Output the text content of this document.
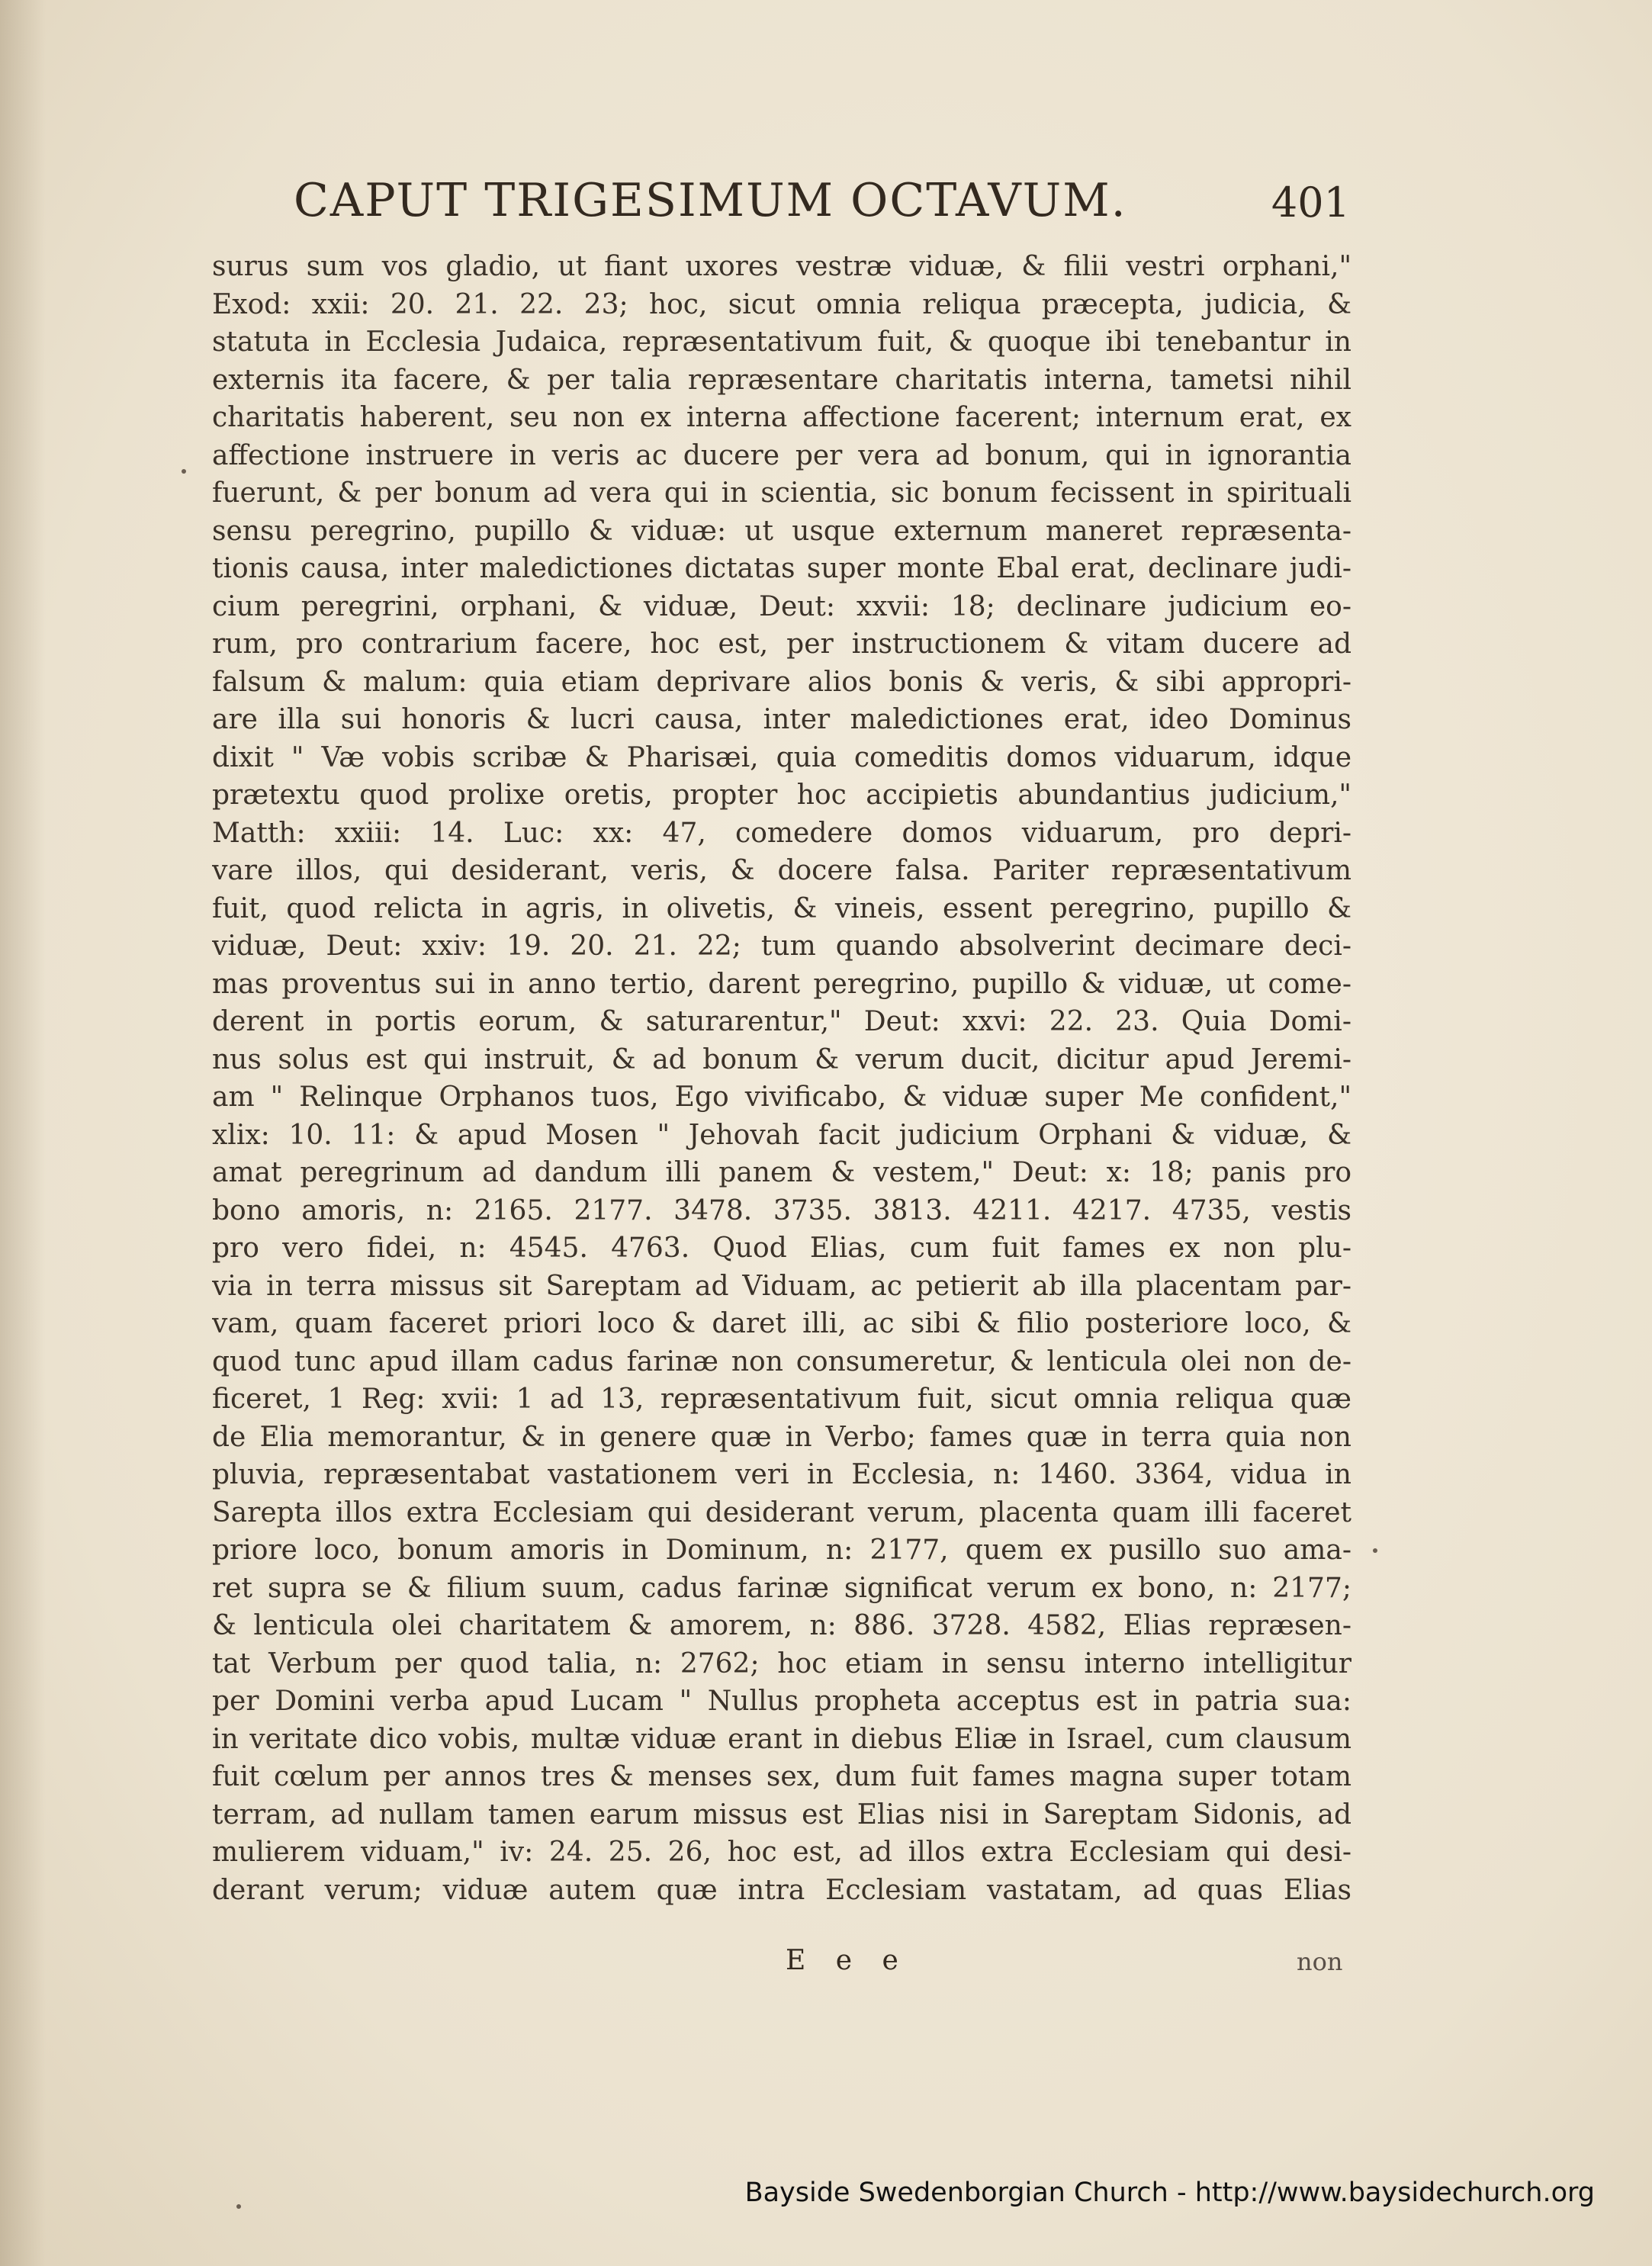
CAPUT TRIGESIMUM OCTAVUM.	401
surus sum vos gladio, ut fiant uxores vestræ viduæ, & filii vestri orphani,"
Exod: xxii: 20. 21. 22. 23; hoc, sicut omnia reliqua præcepta, judicia, &
statuta in Ecclesia Judaica, repræsentativum fuit, & quoque ibi tenebantur in
externis ita facere, & per talia repræsentare charitatis interna, tametsi nihil
charitatis haberent, seu non ex interna affectione facerent; internum erat, ex
affectione instruere in veris ac ducere per vera ad bonum, qui in ignorantia
fuerunt, & per bonum ad vera qui in scientia, sic bonum fecissent in spirituali
sensu peregrino, pupillo & viduæ: ut usque externum maneret repræsenta-
tionis causa, inter maledictiones dictatas super monte Ebal erat, declinare judi-
cium peregrini, orphani, & viduæ, Deut: xxvii: 18; declinare judicium eo-
rum, pro contrarium facere, hoc est, per instructionem & vitam ducere ad
falsum & malum: quia etiam deprivare alios bonis & veris, & sibi appropri-
are illa sui honoris & lucri causa, inter maledictiones erat, ideo Dominus
dixit " Væ vobis scribæ & Pharisæi, quia comeditis domos viduarum, idque
prætextu quod prolixe oretis, propter hoc accipietis abundantius judicium,"
Matth: xxiii: 14. Luc: xx: 47, comedere domos viduarum, pro depri-
vare illos, qui desiderant, veris, & docere falsa. Pariter repræsentativum
fuit, quod relicta in agris, in olivetis, & vineis, essent peregrino, pupillo &
viduæ, Deut: xxiv: 19. 20. 21. 22; tum quando absolverint decimare deci-
mas proventus sui in anno tertio, darent peregrino, pupillo & viduæ, ut come-
derent in portis eorum, & saturarentur," Deut: xxvi: 22. 23. Quia Domi-
nus solus est qui instruit, & ad bonum & verum ducit, dicitur apud Jeremi-
am " Relinque Orphanos tuos, Ego vivificabo, & viduæ super Me confident,"
xlix: 10. 11: & apud Mosen " Jehovah facit judicium Orphani & viduæ, &
amat peregrinum ad dandum illi panem & vestem," Deut: x: 18; panis pro
bono amoris, n: 2165. 2177. 3478. 3735. 3813. 4211. 4217. 4735, vestis
pro vero fidei, n: 4545. 4763. Quod Elias, cum fuit fames ex non plu-
via in terra missus sit Sareptam ad Viduam, ac petierit ab illa placentam par-
vam, quam faceret priori loco & daret illi, ac sibi & filio posteriore loco, &
quod tunc apud illam cadus farinæ non consumeretur, & lenticula olei non de-
ficeret, 1 Reg: xvii: 1 ad 13, repræsentativum fuit, sicut omnia reliqua quæ
de Elia memorantur, & in genere quæ in Verbo; fames quæ in terra quia non
pluvia, repræsentabat vastationem veri in Ecclesia, n: 1460. 3364, vidua in
Sarepta illos extra Ecclesiam qui desiderant verum, placenta quam illi faceret
priore loco, bonum amoris in Dominum, n: 2177, quem ex pusillo suo ama-
ret supra se & filium suum, cadus farinæ significat verum ex bono, n: 2177;
& lenticula olei charitatem & amorem, n: 886. 3728. 4582, Elias repræsen-
tat Verbum per quod talia, n: 2762; hoc etiam in sensu interno intelligitur
per Domini verba apud Lucam " Nullus propheta acceptus est in patria sua:
in veritate dico vobis, multæ viduæ erant in diebus Eliæ in Israel, cum clausum
fuit cœlum per annos tres & menses sex, dum fuit fames magna super totam
terram, ad nullam tamen earum missus est Elias nisi in Sareptam Sidonis, ad
mulierem viduam," iv: 24. 25. 26, hoc est, ad illos extra Ecclesiam qui desi-
derant verum; viduæ autem quæ intra Ecclesiam vastatam, ad quas Elias
E e e	non
Bayside Swedenborgian Church - http://www.baysidechurch.org
